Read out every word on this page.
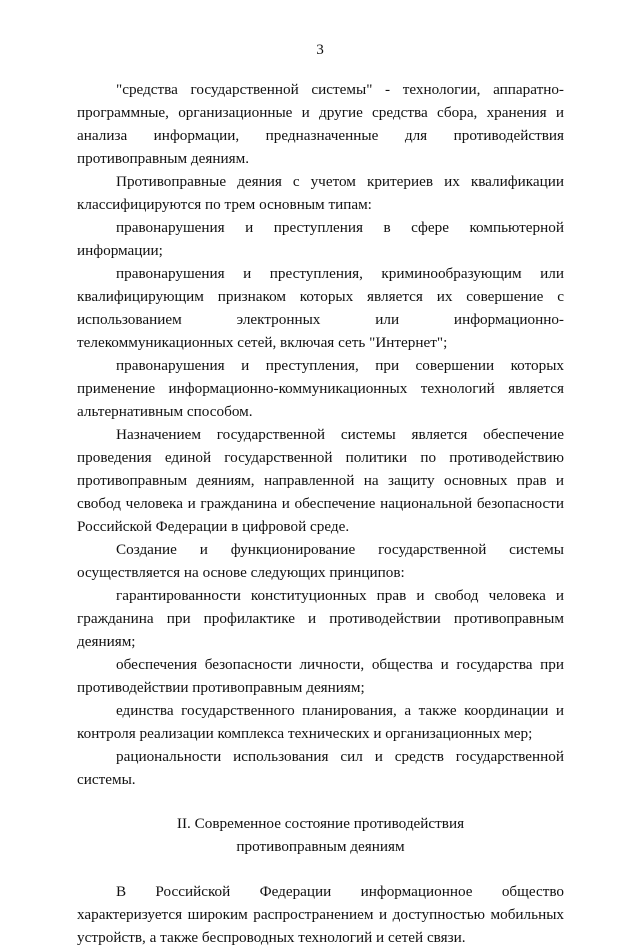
3

"средства государственной системы" - технологии, аппаратно-программные, организационные и другие средства сбора, хранения и анализа информации, предназначенные для противодействия противоправным деяниям.

Противоправные деяния с учетом критериев их квалификации классифицируются по трем основным типам:

правонарушения и преступления в сфере компьютерной информации;

правонарушения и преступления, криминообразующим или квалифицирующим признаком которых является их совершение с использованием электронных или информационно-телекоммуникационных сетей, включая сеть "Интернет";

правонарушения и преступления, при совершении которых применение информационно-коммуникационных технологий является альтернативным способом.

Назначением государственной системы является обеспечение проведения единой государственной политики по противодействию противоправным деяниям, направленной на защиту основных прав и свобод человека и гражданина и обеспечение национальной безопасности Российской Федерации в цифровой среде.

Создание и функционирование государственной системы осуществляется на основе следующих принципов:

гарантированности конституционных прав и свобод человека и гражданина при профилактике и противодействии противоправным деяниям;

обеспечения безопасности личности, общества и государства при противодействии противоправным деяниям;

единства государственного планирования, а также координации и контроля реализации комплекса технических и организационных мер;

рациональности использования сил и средств государственной системы.

II. Современное состояние противодействия
противоправным деяниям

В Российской Федерации информационное общество характеризуется широким распространением и доступностью мобильных устройств, а также беспроводных технологий и сетей связи.
